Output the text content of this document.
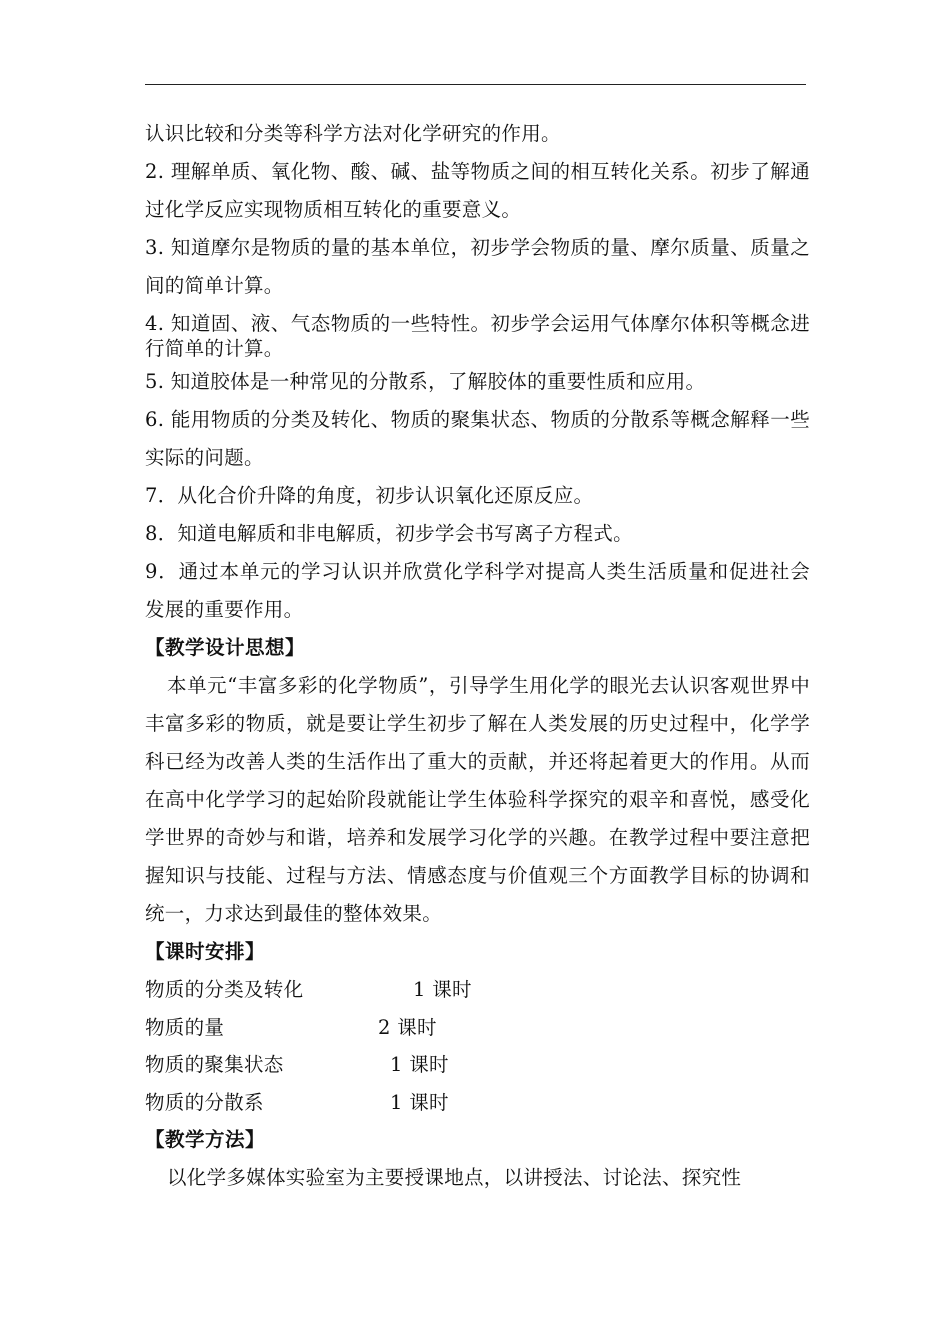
认识比较和分类等科学方法对化学研究的作用。

2. 理解单质、氧化物、酸、碱、盐等物质之间的相互转化关系。初步了解通过化学反应实现物质相互转化的重要意义。

3. 知道摩尔是物质的量的基本单位，初步学会物质的量、摩尔质量、质量之间的简单计算。

4. 知道固、液、气态物质的一些特性。初步学会运用气体摩尔体积等概念进行简单的计算。

5. 知道胶体是一种常见的分散系，了解胶体的重要性质和应用。

6. 能用物质的分类及转化、物质的聚集状态、物质的分散系等概念解释一些实际的问题。

7．从化合价升降的角度，初步认识氧化还原反应。

8．知道电解质和非电解质，初步学会书写离子方程式。

9．通过本单元的学习认识并欣赏化学科学对提高人类生活质量和促进社会发展的重要作用。

【教学设计思想】

本单元“丰富多彩的化学物质”，引导学生用化学的眼光去认识客观世界中丰富多彩的物质，就是要让学生初步了解在人类发展的历史过程中，化学学科已经为改善人类的生活作出了重大的贡献，并还将起着更大的作用。从而在高中化学学习的起始阶段就能让学生体验科学探究的艰辛和喜悦，感受化学世界的奇妙与和谐，培养和发展学习化学的兴趣。在教学过程中要注意把握知识与技能、过程与方法、情感态度与价值观三个方面教学目标的协调和统一，力求达到最佳的整体效果。

【课时安排】
物质的分类及转化	1 课时
物质的量	2 课时
物质的聚集状态	1 课时
物质的分散系	1 课时
【教学方法】

以化学多媒体实验室为主要授课地点，以讲授法、讨论法、探究性
